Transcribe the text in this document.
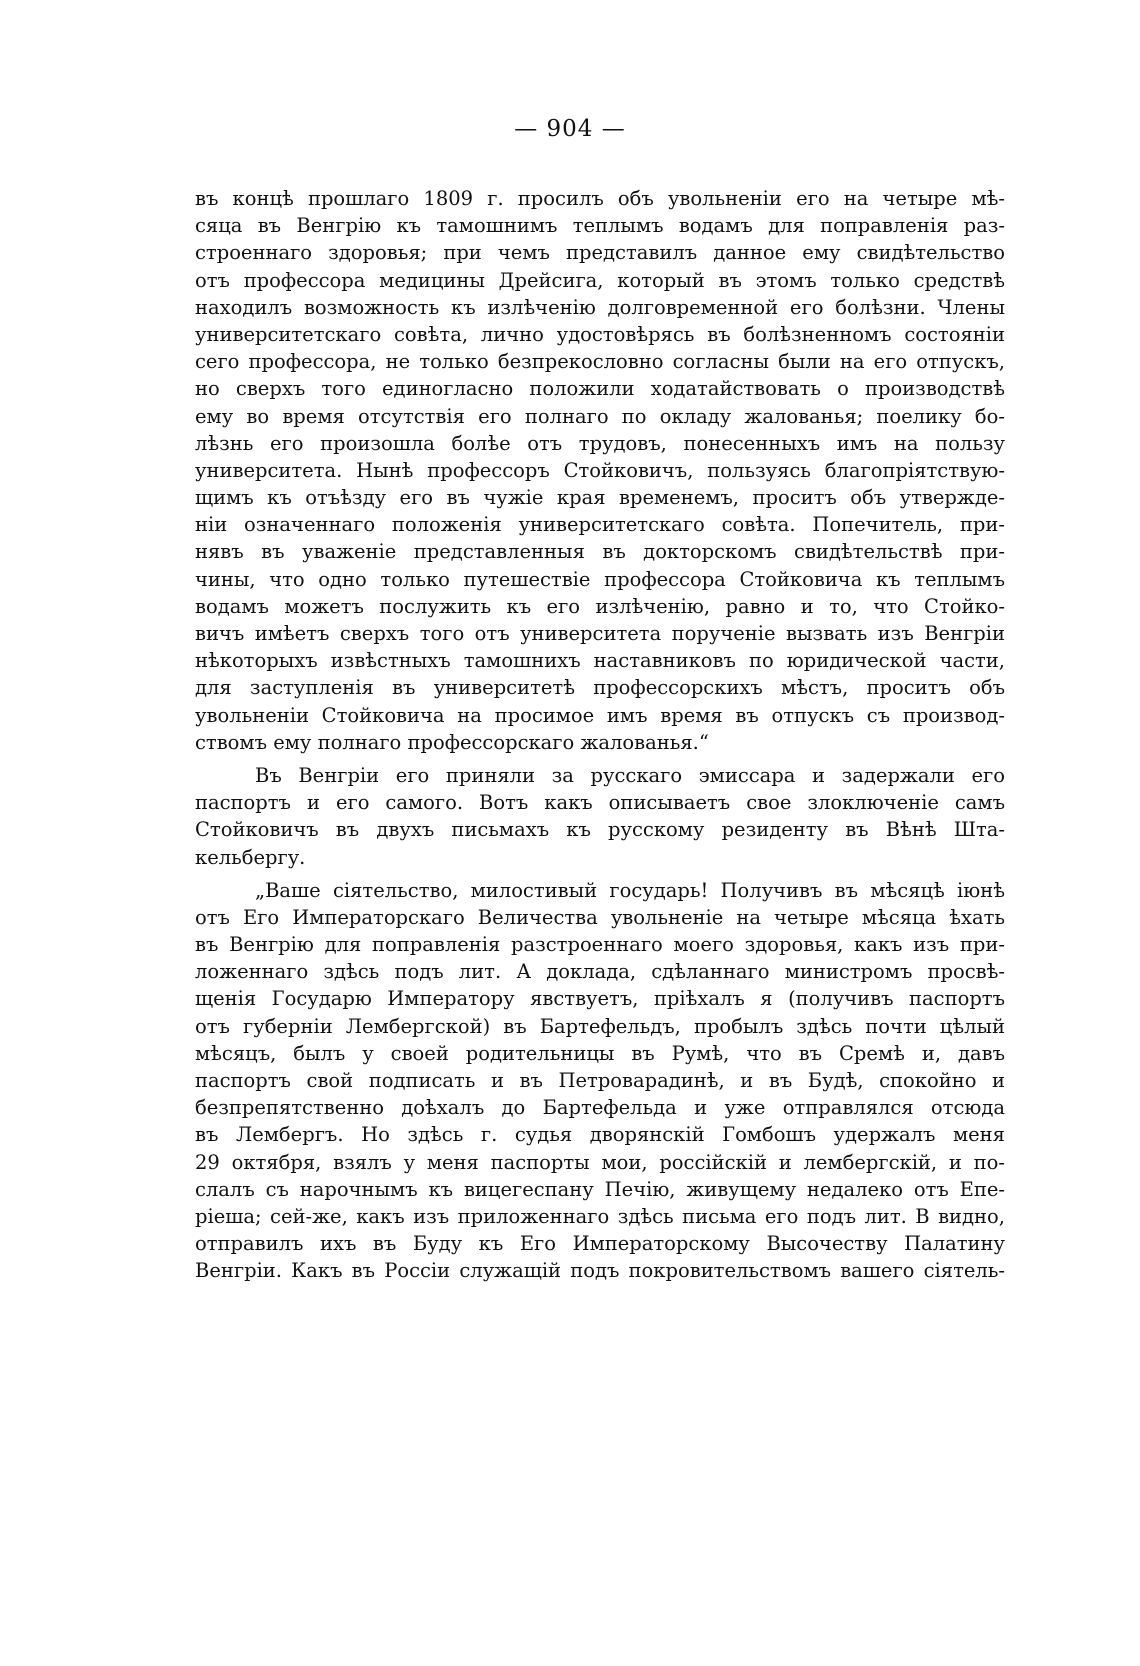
— 904 —
въ концѣ прошлаго 1809 г. просилъ объ увольненіи его на четыре мѣ-
сяца въ Венгрію къ тамошнимъ теплымъ водамъ для поправленія раз-
строеннаго здоровья; при чемъ представилъ данное ему свидѣтельство
отъ профессора медицины Дрейсига, который въ этомъ только средствѣ
находилъ возможность къ излѣченію долговременной его болѣзни. Члены
университетскаго совѣта, лично удостовѣрясь въ болѣзненномъ состояніи
сего профессора, не только безпрекословно согласны были на его отпускъ,
но сверхъ того единогласно положили ходатайствовать о производствѣ
ему во время отсутствія его полнаго по окладу жалованья; поелику бо-
лѣзнь его произошла болѣе отъ трудовъ, понесенныхъ имъ на пользу
университета. Нынѣ профессоръ Стойковичъ, пользуясь благопріятствую-
щимъ къ отъѣзду его въ чужіе края временемъ, проситъ объ утвержде-
ніи означеннаго положенія университетскаго совѣта. Попечитель, при-
нявъ въ уваженіе представленныя въ докторскомъ свидѣтельствѣ при-
чины, что одно только путешествіе профессора Стойковича къ теплымъ
водамъ можетъ послужить къ его излѣченію, равно и то, что Стойко-
вичъ имѣетъ сверхъ того отъ университета порученіе вызвать изъ Венгріи
нѣкоторыхъ извѣстныхъ тамошнихъ наставниковъ по юридической части,
для заступленія въ университетѣ профессорскихъ мѣстъ, проситъ объ
увольненіи Стойковича на просимое имъ время въ отпускъ съ производ-
ствомъ ему полнаго профессорскаго жалованья.“
Въ Венгріи его приняли за русскаго эмиссара и задержали его
паспортъ и его самого. Вотъ какъ описываетъ свое злоключеніе самъ
Стойковичъ въ двухъ письмахъ къ русскому резиденту въ Вѣнѣ Шта-
кельбергу.
„Ваше сіятельство, милостивый государь! Получивъ въ мѣсяцѣ іюнѣ
отъ Его Императорскаго Величества увольненіе на четыре мѣсяца ѣхать
въ Венгрію для поправленія разстроеннаго моего здоровья, какъ изъ при-
ложеннаго здѣсь подъ лит. А доклада, сдѣланнаго министромъ просвѣ-
щенія Государю Императору явствуетъ, пріѣхалъ я (получивъ паспортъ
отъ губерніи Лембергской) въ Бартефельдъ, пробылъ здѣсь почти цѣлый
мѣсяцъ, былъ у своей родительницы въ Румѣ, что въ Сремѣ и, давъ
паспортъ свой подписать и въ Петроварадинѣ, и въ Будѣ, спокойно и
безпрепятственно доѣхалъ до Бартефельда и уже отправлялся отсюда
въ Лембергъ. Но здѣсь г. судья дворянскій Гомбошъ удержалъ меня
29 октября, взялъ у меня паспорты мои, россійскій и лембергскій, и по-
слалъ съ нарочнымъ къ вицегеспану Печію, живущему недалеко отъ Епе-
ріеша; сей-же, какъ изъ приложеннаго здѣсь письма его подъ лит. В видно,
отправилъ ихъ въ Буду къ Его Императорскому Высочеству Палатину
Венгріи. Какъ въ Россіи служащій подъ покровительствомъ вашего сіятель-
